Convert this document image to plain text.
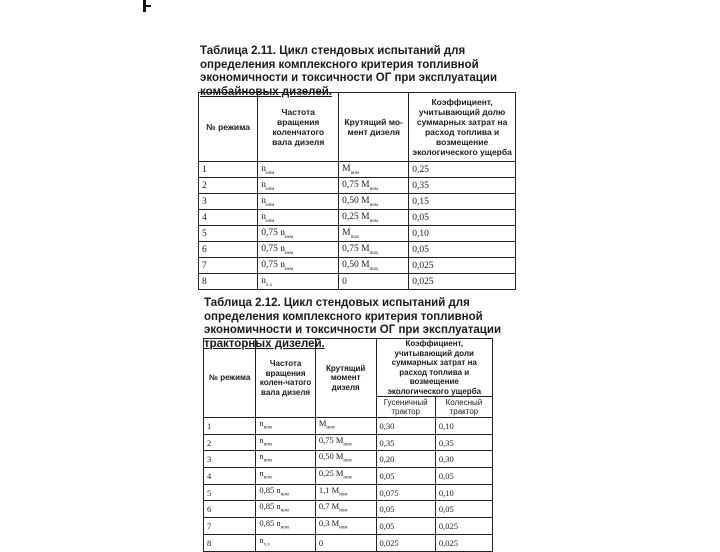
Таблица 2.11. Цикл стендовых испытаний для определения комплексного критерия топливной экономичности и токсичности ОГ при эксплуатации комбайновых дизелей.
№ режима	Частота вращения коленчатого вала дизеля	Крутящий мо-мент дизеля	Коэффициент, учитывающий долю суммарных затрат на расход топлива и возмещение экологического ущерба
1	$n_{ном}$	$M_{ном}$	0,25
2	$n_{ном}$	0,75 $M_{ном}$	0,35
3	$n_{ном}$	0,50 $M_{ном}$	0,15
4	$n_{ном}$	0,25 $M_{ном}$	0,05
5	0,75 $n_{ном}$	$M_{max}$	0,10
6	0,75 $n_{ном}$	0,75 $M_{max}$	0,05
7	0,75 $n_{ном}$	0,50 $M_{max}$	0,025
8	$n_{х.х}$	0	0,025
Таблица 2.12. Цикл стендовых испытаний для определения комплексного критерия топливной экономичности и токсичности ОГ при эксплуатации тракторных дизелей.
№ режима	Частота вращения колен-чатого вала дизеля	Крутящий момент дизеля	Коэффициент, учитывающий доли суммарных затрат на расход топлива и возмещение экологического ущерба	
			Гусеничный трактор	Колесный трактор
1	$n_{ном}$	$M_{ном}$	0,30	0,10
2	$n_{ном}$	0,75 $M_{ном}$	0,35	0,35
3	$n_{ном}$	0,50 $M_{ном}$	0,20	0,30
4	$n_{ном}$	0,25 $M_{ном}$	0,05	0,05
5	0,85 $n_{ном}$	1,1 $M_{ном}$	0,075	0,10
6	0,85 $n_{ном}$	0,7 $M_{ном}$	0,05	0,05
7	0,85 $n_{ном}$	0,3 $M_{ном}$	0,05	0,025
8	$n_{х.х}$	0	0,025	0,025
